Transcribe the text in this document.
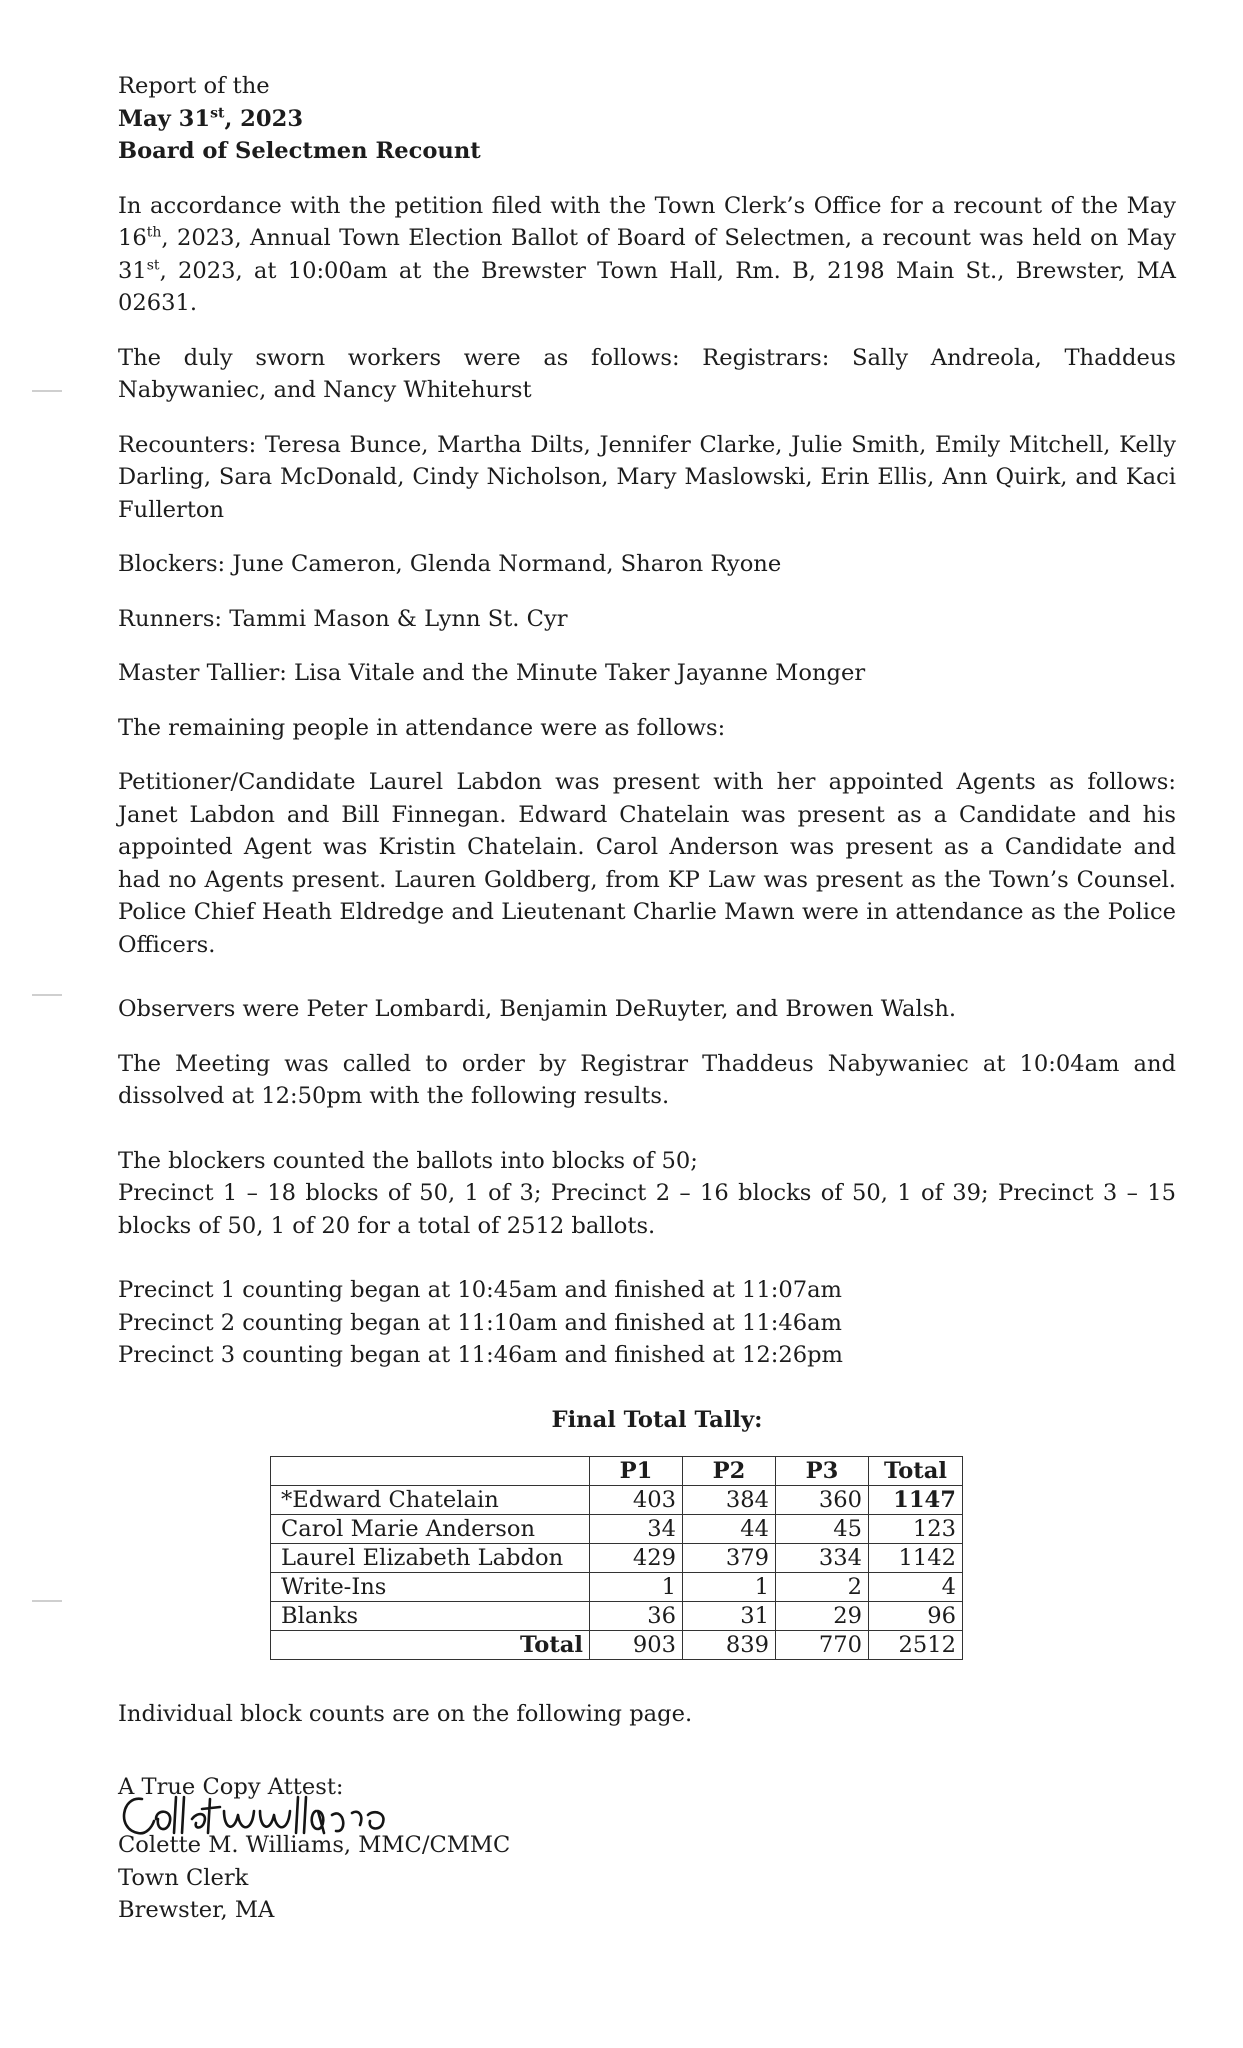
Report of the
May 31st, 2023
Board of Selectmen Recount

In accordance with the petition filed with the Town Clerk’s Office for a recount of the May 16th, 2023, Annual Town Election Ballot of Board of Selectmen, a recount was held on May 31st, 2023, at 10:00am at the Brewster Town Hall, Rm. B, 2198 Main St., Brewster, MA 02631.

The duly sworn workers were as follows: Registrars: Sally Andreola, Thaddeus Nabywaniec, and Nancy Whitehurst

Recounters: Teresa Bunce, Martha Dilts, Jennifer Clarke, Julie Smith, Emily Mitchell, Kelly Darling, Sara McDonald, Cindy Nicholson, Mary Maslowski, Erin Ellis, Ann Quirk, and Kaci Fullerton

Blockers: June Cameron, Glenda Normand, Sharon Ryone

Runners: Tammi Mason & Lynn St. Cyr

Master Tallier: Lisa Vitale and the Minute Taker Jayanne Monger

The remaining people in attendance were as follows:

Petitioner/Candidate Laurel Labdon was present with her appointed Agents as follows: Janet Labdon and Bill Finnegan. Edward Chatelain was present as a Candidate and his appointed Agent was Kristin Chatelain. Carol Anderson was present as a Candidate and had no Agents present. Lauren Goldberg, from KP Law was present as the Town’s Counsel. Police Chief Heath Eldredge and Lieutenant Charlie Mawn were in attendance as the Police Officers.

Observers were Peter Lombardi, Benjamin DeRuyter, and Browen Walsh.

The Meeting was called to order by Registrar Thaddeus Nabywaniec at 10:04am and dissolved at 12:50pm with the following results.

The blockers counted the ballots into blocks of 50;

Precinct 1 – 18 blocks of 50, 1 of 3; Precinct 2 – 16 blocks of 50, 1 of 39; Precinct 3 – 15 blocks of 50, 1 of 20 for a total of 2512 ballots.

Precinct 1 counting began at 10:45am and finished at 11:07am
Precinct 2 counting began at 11:10am and finished at 11:46am
Precinct 3 counting began at 11:46am and finished at 12:26pm

Final Total Tally:

	P1	P2	P3	Total
*Edward Chatelain	403	384	360	1147
Carol Marie Anderson	34	44	45	123
Laurel Elizabeth Labdon	429	379	334	1142
Write-Ins	1	1	2	4
Blanks	36	31	29	96
Total	903	839	770	2512

Individual block counts are on the following page.

A True Copy Attest:
Colette M. Williams, MMC/CMMC
Town Clerk
Brewster, MA
